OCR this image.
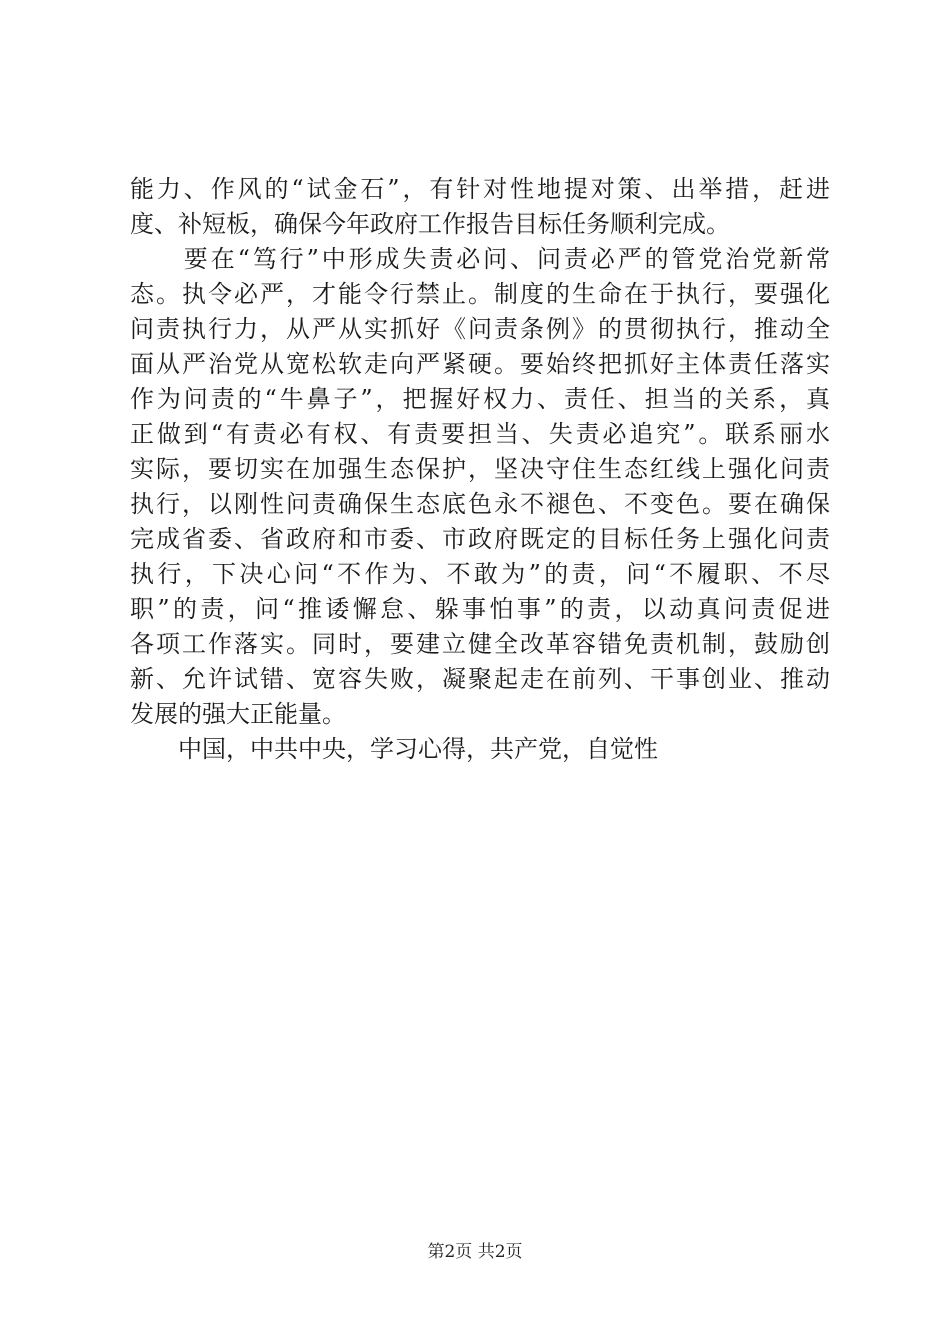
能力、作风的“试金石”，有针对性地提对策、出举措，赶进
度、补短板，确保今年政府工作报告目标任务顺利完成。
　　要在“笃行”中形成失责必问、问责必严的管党治党新常
态。执令必严，才能令行禁止。制度的生命在于执行，要强化
问责执行力，从严从实抓好《问责条例》的贯彻执行，推动全
面从严治党从宽松软走向严紧硬。要始终把抓好主体责任落实
作为问责的“牛鼻子”，把握好权力、责任、担当的关系，真
正做到“有责必有权、有责要担当、失责必追究”。联系丽水
实际，要切实在加强生态保护，坚决守住生态红线上强化问责
执行，以刚性问责确保生态底色永不褪色、不变色。要在确保
完成省委、省政府和市委、市政府既定的目标任务上强化问责
执行，下决心问“不作为、不敢为”的责，问“不履职、不尽
职”的责，问“推诿懈怠、躲事怕事”的责，以动真问责促进
各项工作落实。同时，要建立健全改革容错免责机制，鼓励创
新、允许试错、宽容失败，凝聚起走在前列、干事创业、推动
发展的强大正能量。
　　中国，中共中央，学习心得，共产党，自觉性
第2页 共2页
